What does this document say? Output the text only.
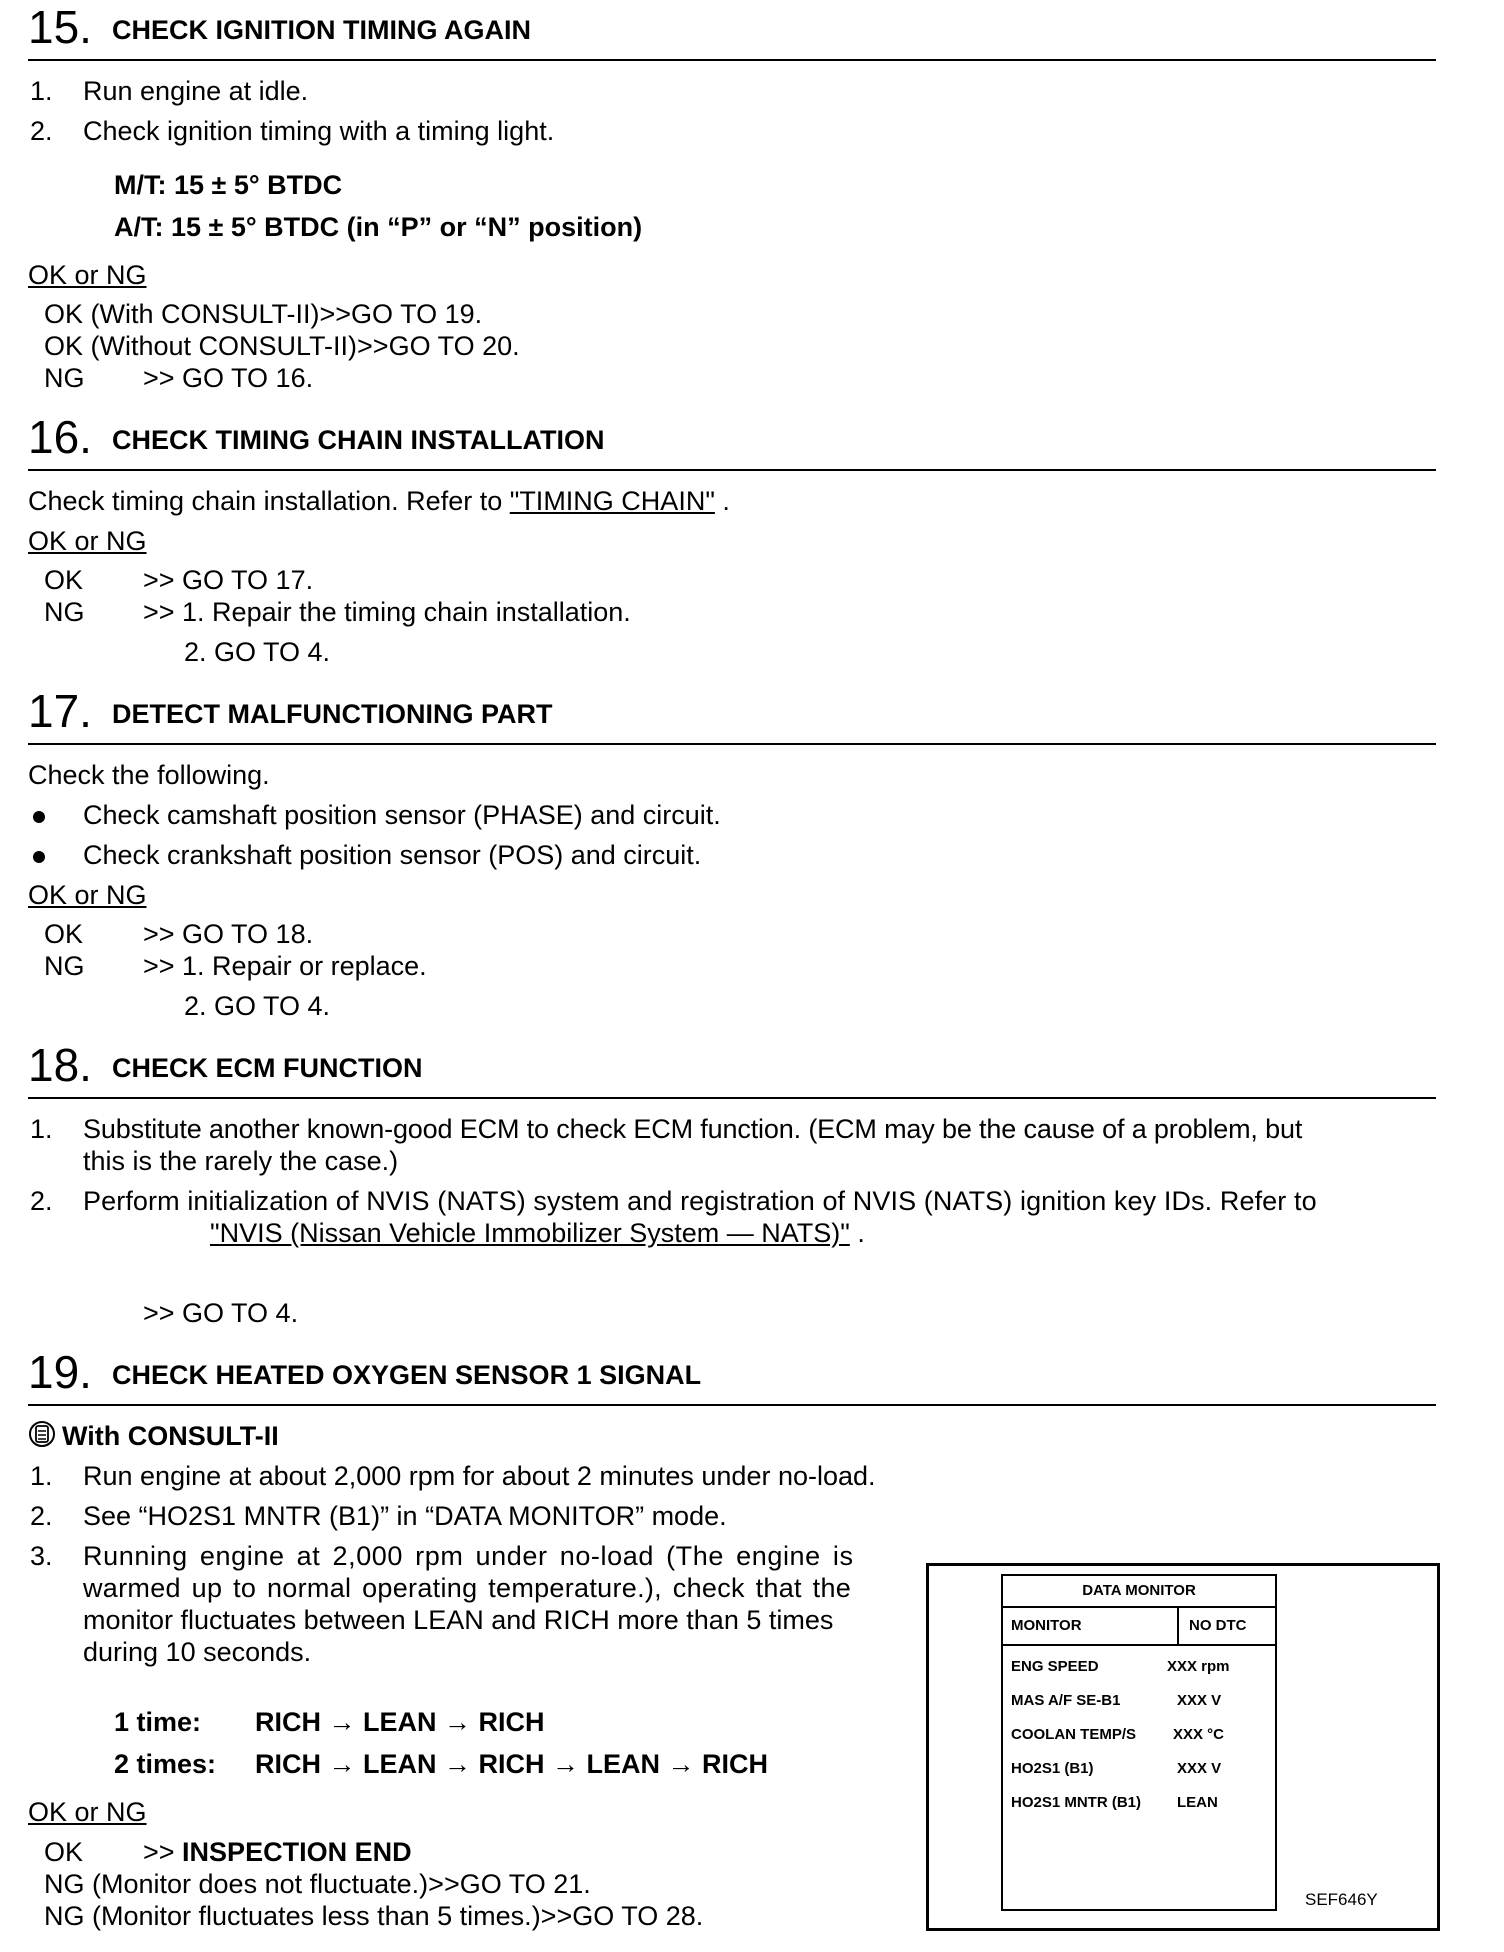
15. CHECK IGNITION TIMING AGAIN
1. Run engine at idle.
2. Check ignition timing with a timing light.
M/T: 15 ± 5° BTDC
A/T: 15 ± 5° BTDC (in “P” or “N” position)
OK or NG
OK (With CONSULT-II)>>GO TO 19.
OK (Without CONSULT-II)>>GO TO 20.
NG >> GO TO 16.
16. CHECK TIMING CHAIN INSTALLATION
Check timing chain installation. Refer to "TIMING CHAIN" .
OK or NG
OK >> GO TO 17.
NG >> 1. Repair the timing chain installation.
2. GO TO 4.
17. DETECT MALFUNCTIONING PART
Check the following.
Check camshaft position sensor (PHASE) and circuit.
Check crankshaft position sensor (POS) and circuit.
OK or NG
OK >> GO TO 18.
NG >> 1. Repair or replace.
2. GO TO 4.
18. CHECK ECM FUNCTION
1. Substitute another known-good ECM to check ECM function. (ECM may be the cause of a problem, but
this is the rarely the case.)
2. Perform initialization of NVIS (NATS) system and registration of NVIS (NATS) ignition key IDs. Refer to
"NVIS (Nissan Vehicle Immobilizer System — NATS)" .
>> GO TO 4.
19. CHECK HEATED OXYGEN SENSOR 1 SIGNAL
With CONSULT-II
1. Run engine at about 2,000 rpm for about 2 minutes under no-load.
2. See “HO2S1 MNTR (B1)” in “DATA MONITOR” mode.
3. Running engine at 2,000 rpm under no-load (The engine is
warmed up to normal operating temperature.), check that the
monitor fluctuates between LEAN and RICH more than 5 times
during 10 seconds.
1 time: RICH → LEAN → RICH
2 times: RICH → LEAN → RICH → LEAN → RICH
OK or NG
OK >> INSPECTION END
NG (Monitor does not fluctuate.)>>GO TO 21.
NG (Monitor fluctuates less than 5 times.)>>GO TO 28.
DATA MONITOR
MONITOR	NO DTC
ENG SPEED	XXX rpm
MAS A/F SE-B1	XXX V
COOLAN TEMP/S XXX °C
HO2S1 (B1)	XXX V
HO2S1 MNTR (B1) LEAN
SEF646Y
